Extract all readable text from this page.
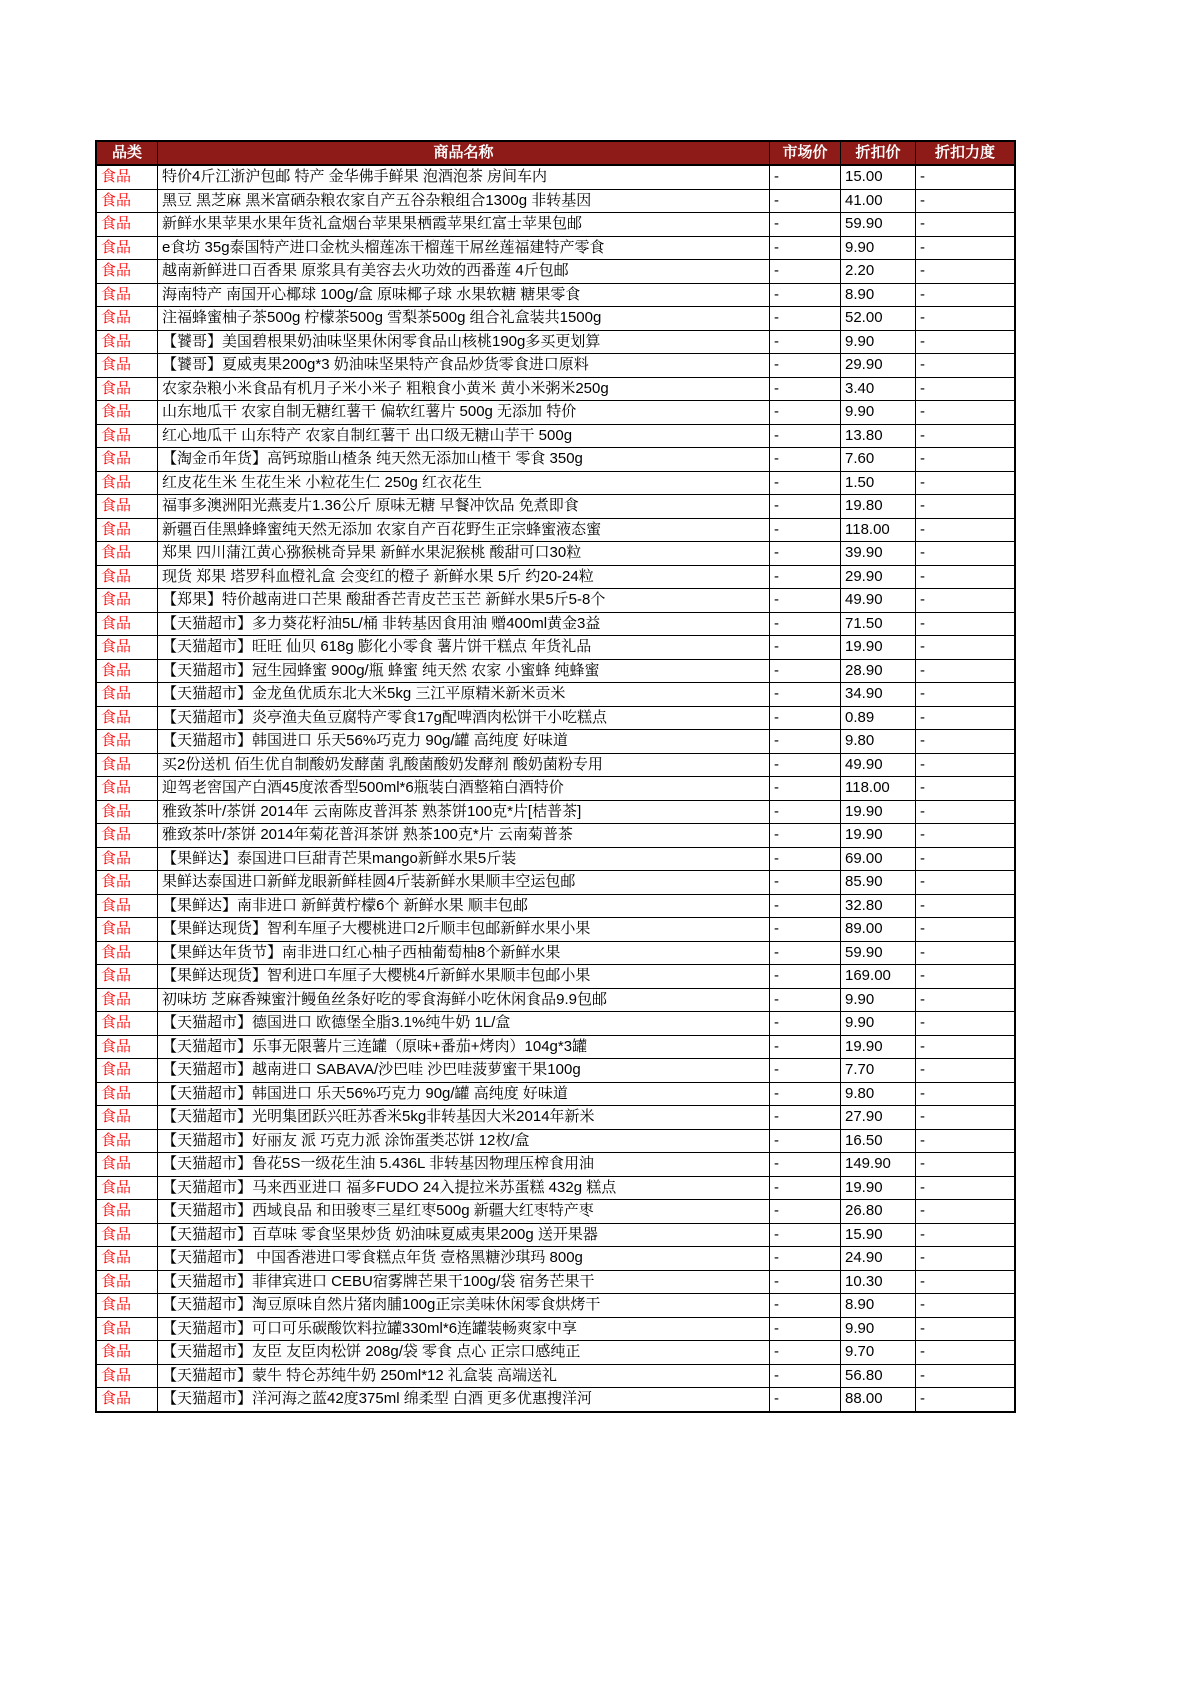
品类	商品名称	市场价	折扣价	折扣力度
食品	特价4斤江浙沪包邮 特产 金华佛手鲜果 泡酒泡茶 房间车内	-	15.00	-
食品	黑豆 黑芝麻 黑米富硒杂粮农家自产五谷杂粮组合1300g 非转基因	-	41.00	-
食品	新鲜水果苹果水果年货礼盒烟台苹果果栖霞苹果红富士苹果包邮	-	59.90	-
食品	e食坊 35g泰国特产进口金枕头榴莲冻干榴莲干屌丝莲福建特产零食	-	9.90	-
食品	越南新鲜进口百香果 原浆具有美容去火功效的西番莲 4斤包邮	-	2.20	-
食品	海南特产 南国开心椰球 100g/盒 原味椰子球 水果软糖 糖果零食	-	8.90	-
食品	注福蜂蜜柚子茶500g 柠檬茶500g 雪梨茶500g 组合礼盒装共1500g	-	52.00	-
食品	【饕哥】美国碧根果奶油味坚果休闲零食品山核桃190g多买更划算	-	9.90	-
食品	【饕哥】夏威夷果200g*3 奶油味坚果特产食品炒货零食进口原料	-	29.90	-
食品	农家杂粮小米食品有机月子米小米子 粗粮食小黄米 黄小米粥米250g	-	3.40	-
食品	山东地瓜干 农家自制无糖红薯干 偏软红薯片 500g 无添加 特价	-	9.90	-
食品	红心地瓜干 山东特产 农家自制红薯干 出口级无糖山芋干 500g	-	13.80	-
食品	【淘金币年货】高钙琼脂山楂条 纯天然无添加山楂干 零食 350g	-	7.60	-
食品	红皮花生米 生花生米 小粒花生仁 250g 红衣花生	-	1.50	-
食品	福事多澳洲阳光燕麦片1.36公斤 原味无糖 早餐冲饮品 免煮即食	-	19.80	-
食品	新疆百佳黑蜂蜂蜜纯天然无添加 农家自产百花野生正宗蜂蜜液态蜜	-	118.00	-
食品	郑果 四川蒲江黄心猕猴桃奇异果 新鲜水果泥猴桃 酸甜可口30粒	-	39.90	-
食品	现货 郑果 塔罗科血橙礼盒 会变红的橙子 新鲜水果 5斤 约20-24粒	-	29.90	-
食品	【郑果】特价越南进口芒果 酸甜香芒青皮芒玉芒 新鲜水果5斤5-8个	-	49.90	-
食品	【天猫超市】多力葵花籽油5L/桶 非转基因食用油 赠400ml黄金3益	-	71.50	-
食品	【天猫超市】旺旺 仙贝 618g 膨化小零食 薯片饼干糕点 年货礼品	-	19.90	-
食品	【天猫超市】冠生园蜂蜜 900g/瓶 蜂蜜 纯天然 农家 小蜜蜂 纯蜂蜜	-	28.90	-
食品	【天猫超市】金龙鱼优质东北大米5kg 三江平原精米新米贡米	-	34.90	-
食品	【天猫超市】炎亭渔夫鱼豆腐特产零食17g配啤酒肉松饼干小吃糕点	-	0.89	-
食品	【天猫超市】韩国进口 乐天56%巧克力 90g/罐 高纯度 好味道	-	9.80	-
食品	买2份送机 佰生优自制酸奶发酵菌 乳酸菌酸奶发酵剂 酸奶菌粉专用	-	49.90	-
食品	迎驾老窖国产白酒45度浓香型500ml*6瓶装白酒整箱白酒特价	-	118.00	-
食品	雅致茶叶/茶饼 2014年 云南陈皮普洱茶 熟茶饼100克*片[桔普茶]	-	19.90	-
食品	雅致茶叶/茶饼 2014年菊花普洱茶饼 熟茶100克*片 云南菊普茶	-	19.90	-
食品	【果鲜达】泰国进口巨甜青芒果mango新鲜水果5斤装	-	69.00	-
食品	果鲜达泰国进口新鲜龙眼新鲜桂圆4斤装新鲜水果顺丰空运包邮	-	85.90	-
食品	【果鲜达】南非进口 新鲜黄柠檬6个 新鲜水果 顺丰包邮	-	32.80	-
食品	【果鲜达现货】智利车厘子大樱桃进口2斤顺丰包邮新鲜水果小果	-	89.00	-
食品	【果鲜达年货节】南非进口红心柚子西柚葡萄柚8个新鲜水果	-	59.90	-
食品	【果鲜达现货】智利进口车厘子大樱桃4斤新鲜水果顺丰包邮小果	-	169.00	-
食品	初味坊 芝麻香辣蜜汁鳗鱼丝条好吃的零食海鲜小吃休闲食品9.9包邮	-	9.90	-
食品	【天猫超市】德国进口 欧德堡全脂3.1%纯牛奶 1L/盒	-	9.90	-
食品	【天猫超市】乐事无限薯片三连罐（原味+番茄+烤肉）104g*3罐	-	19.90	-
食品	【天猫超市】越南进口 SABAVA/沙巴哇 沙巴哇菠萝蜜干果100g	-	7.70	-
食品	【天猫超市】韩国进口 乐天56%巧克力 90g/罐 高纯度 好味道	-	9.80	-
食品	【天猫超市】光明集团跃兴旺苏香米5kg非转基因大米2014年新米	-	27.90	-
食品	【天猫超市】好丽友 派 巧克力派 涂饰蛋类芯饼 12枚/盒	-	16.50	-
食品	【天猫超市】鲁花5S一级花生油 5.436L 非转基因物理压榨食用油	-	149.90	-
食品	【天猫超市】马来西亚进口 福多FUDO 24入提拉米苏蛋糕 432g 糕点	-	19.90	-
食品	【天猫超市】西域良品 和田骏枣三星红枣500g 新疆大红枣特产枣	-	26.80	-
食品	【天猫超市】百草味 零食坚果炒货 奶油味夏威夷果200g 送开果器	-	15.90	-
食品	【天猫超市】 中国香港进口零食糕点年货 壹格黑糖沙琪玛 800g	-	24.90	-
食品	【天猫超市】菲律宾进口 CEBU宿雾牌芒果干100g/袋 宿务芒果干	-	10.30	-
食品	【天猫超市】淘豆原味自然片猪肉脯100g正宗美味休闲零食烘烤干	-	8.90	-
食品	【天猫超市】可口可乐碳酸饮料拉罐330ml*6连罐装畅爽家中享	-	9.90	-
食品	【天猫超市】友臣 友臣肉松饼 208g/袋 零食 点心 正宗口感纯正	-	9.70	-
食品	【天猫超市】蒙牛 特仑苏纯牛奶 250ml*12 礼盒装 高端送礼	-	56.80	-
食品	【天猫超市】洋河海之蓝42度375ml 绵柔型 白酒 更多优惠搜洋河	-	88.00	-
